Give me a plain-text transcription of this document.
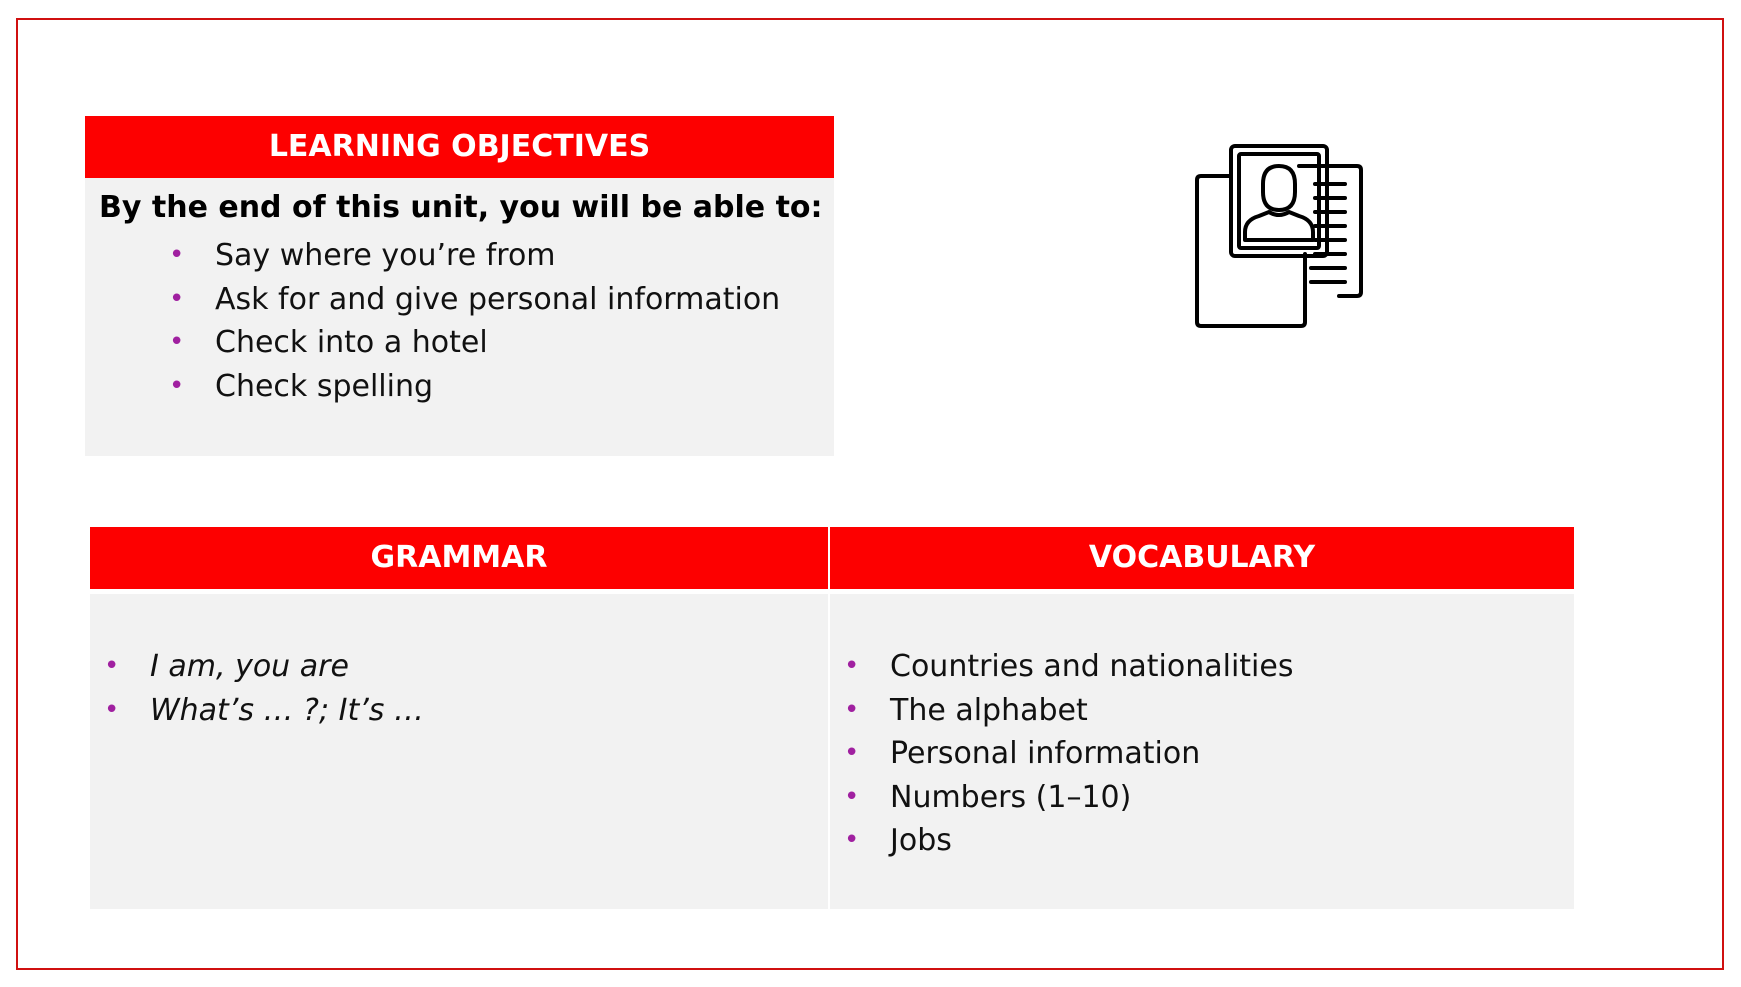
LEARNING OBJECTIVES
By the end of this unit, you will be able to:
• Say where you’re from
• Ask for and give personal information
• Check into a hotel
• Check spelling
GRAMMAR
• I am, you are
• What’s … ?; It’s …
VOCABULARY
• Countries and nationalities
• The alphabet
• Personal information
• Numbers (1–10)
• Jobs
